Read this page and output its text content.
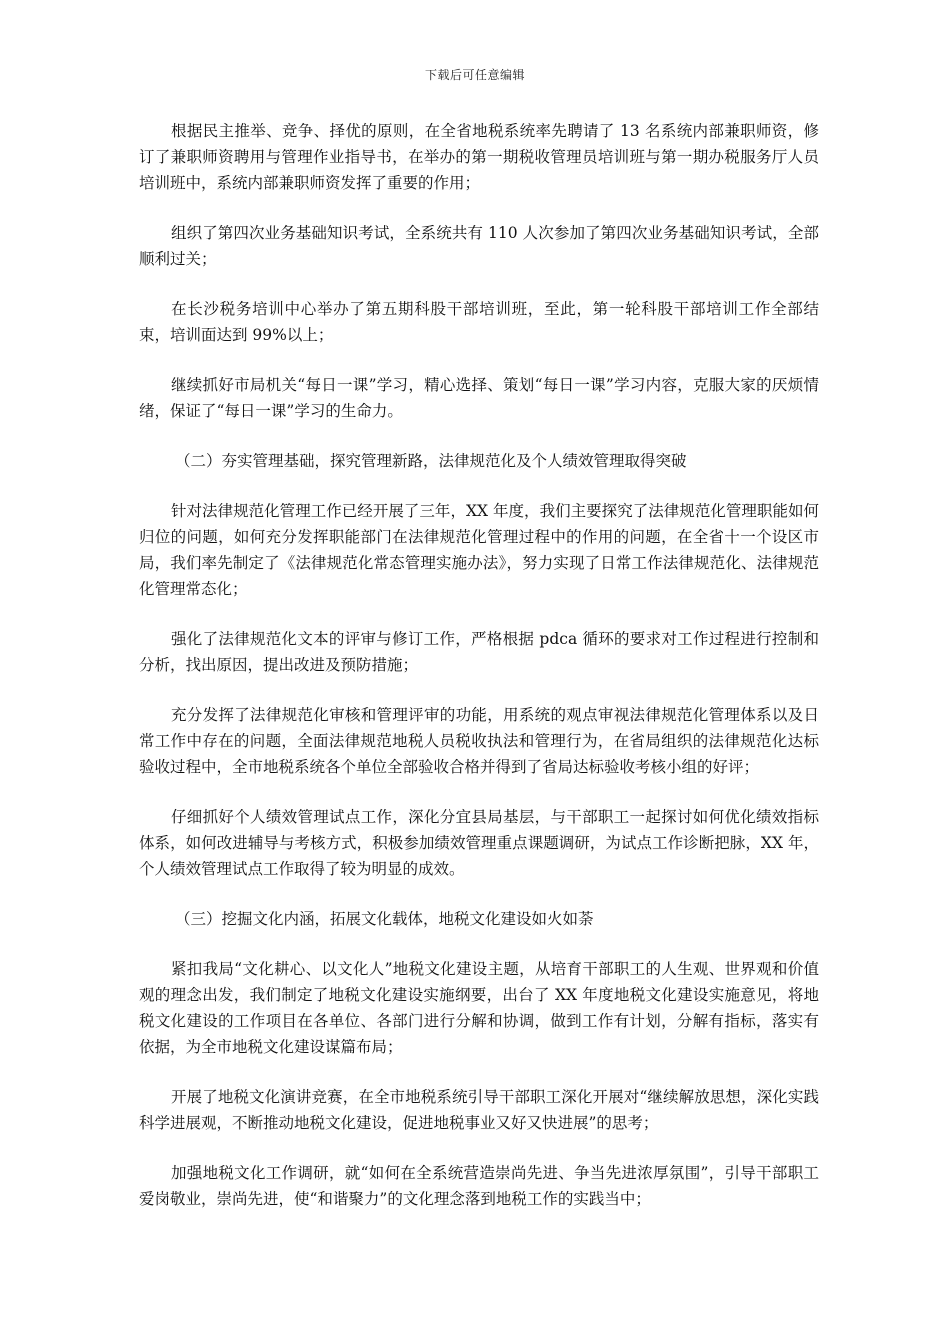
下载后可任意编辑

根据民主推举、竞争、择优的原则，在全省地税系统率先聘请了 13 名系统内部兼职师资，修订了兼职师资聘用与管理作业指导书，在举办的第一期税收管理员培训班与第一期办税服务厅人员培训班中，系统内部兼职师资发挥了重要的作用；

组织了第四次业务基础知识考试，全系统共有 110 人次参加了第四次业务基础知识考试，全部顺利过关；

在长沙税务培训中心举办了第五期科股干部培训班，至此，第一轮科股干部培训工作全部结束，培训面达到 99%以上；

继续抓好市局机关“每日一课”学习，精心选择、策划“每日一课”学习内容，克服大家的厌烦情绪，保证了“每日一课”学习的生命力。

（二）夯实管理基础，探究管理新路，法律规范化及个人绩效管理取得突破

针对法律规范化管理工作已经开展了三年，XX 年度，我们主要探究了法律规范化管理职能如何归位的问题，如何充分发挥职能部门在法律规范化管理过程中的作用的问题，在全省十一个设区市局，我们率先制定了《法律规范化常态管理实施办法》，努力实现了日常工作法律规范化、法律规范化管理常态化；

强化了法律规范化文本的评审与修订工作，严格根据 pdca 循环的要求对工作过程进行控制和分析，找出原因，提出改进及预防措施；

充分发挥了法律规范化审核和管理评审的功能，用系统的观点审视法律规范化管理体系以及日常工作中存在的问题，全面法律规范地税人员税收执法和管理行为，在省局组织的法律规范化达标验收过程中，全市地税系统各个单位全部验收合格并得到了省局达标验收考核小组的好评；

仔细抓好个人绩效管理试点工作，深化分宜县局基层，与干部职工一起探讨如何优化绩效指标体系，如何改进辅导与考核方式，积极参加绩效管理重点课题调研，为试点工作诊断把脉，XX 年，个人绩效管理试点工作取得了较为明显的成效。

（三）挖掘文化内涵，拓展文化载体，地税文化建设如火如荼

紧扣我局“文化耕心、以文化人”地税文化建设主题，从培育干部职工的人生观、世界观和价值观的理念出发，我们制定了地税文化建设实施纲要，出台了 XX 年度地税文化建设实施意见，将地税文化建设的工作项目在各单位、各部门进行分解和协调，做到工作有计划，分解有指标，落实有依据，为全市地税文化建设谋篇布局；

开展了地税文化演讲竞赛，在全市地税系统引导干部职工深化开展对“继续解放思想，深化实践科学进展观，不断推动地税文化建设，促进地税事业又好又快进展”的思考；

加强地税文化工作调研，就“如何在全系统营造崇尚先进、争当先进浓厚氛围”，引导干部职工爱岗敬业，崇尚先进，使“和谐聚力”的文化理念落到地税工作的实践当中；
